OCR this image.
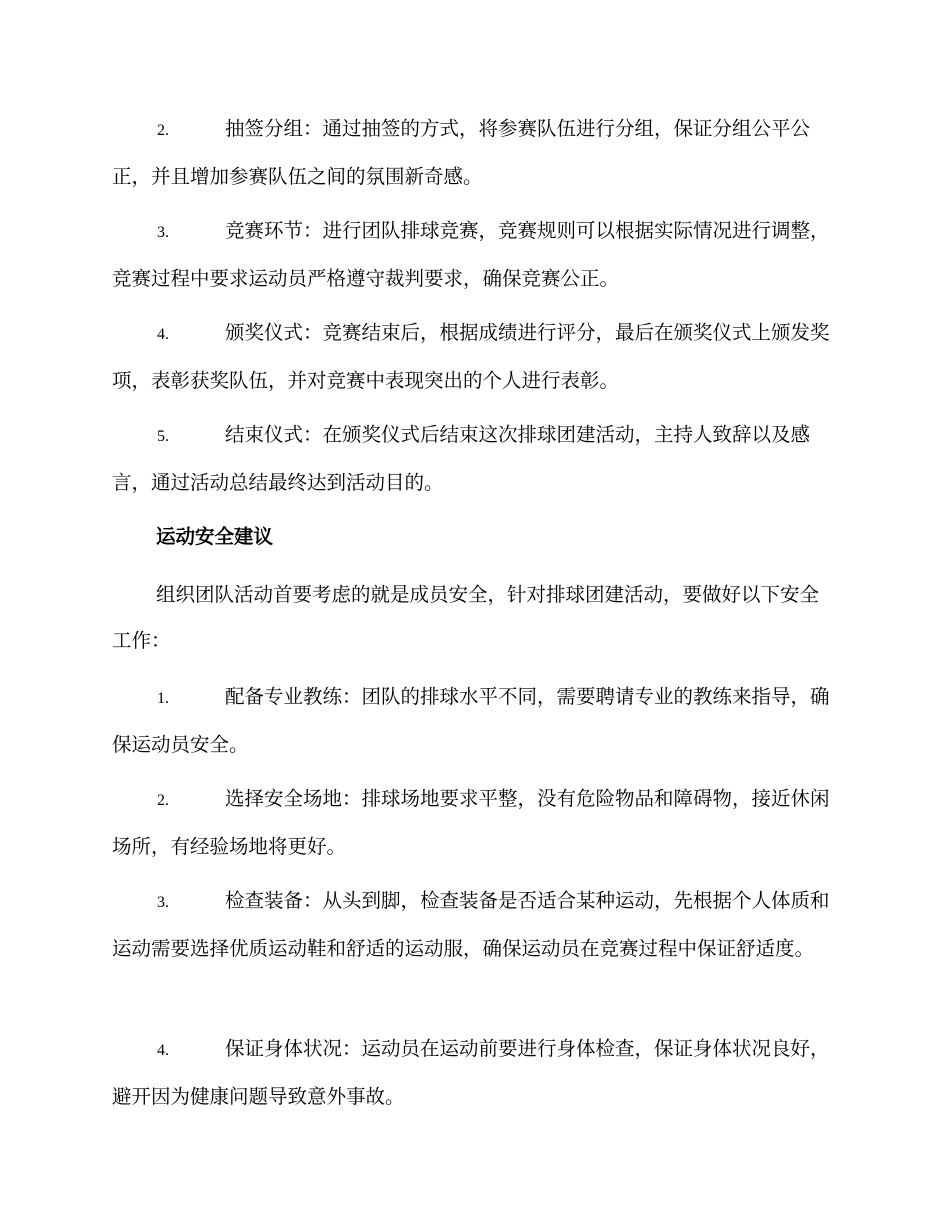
2.	抽签分组：通过抽签的方式，将参赛队伍进行分组，保证分组公平公正，并且增加参赛队伍之间的氛围新奇感。

3.	竞赛环节：进行团队排球竞赛，竞赛规则可以根据实际情况进行调整，竞赛过程中要求运动员严格遵守裁判要求，确保竞赛公正。

4.	颁奖仪式：竞赛结束后，根据成绩进行评分，最后在颁奖仪式上颁发奖项，表彰获奖队伍，并对竞赛中表现突出的个人进行表彰。

5.	结束仪式：在颁奖仪式后结束这次排球团建活动，主持人致辞以及感言，通过活动总结最终达到活动目的。

运动安全建议

组织团队活动首要考虑的就是成员安全，针对排球团建活动，要做好以下安全工作：

1.	配备专业教练：团队的排球水平不同，需要聘请专业的教练来指导，确保运动员安全。

2.	选择安全场地：排球场地要求平整，没有危险物品和障碍物，接近休闲场所，有经验场地将更好。

3.	检查装备：从头到脚，检查装备是否适合某种运动，先根据个人体质和运动需要选择优质运动鞋和舒适的运动服，确保运动员在竞赛过程中保证舒适度。

4.	保证身体状况：运动员在运动前要进行身体检查，保证身体状况良好，避开因为健康问题导致意外事故。
